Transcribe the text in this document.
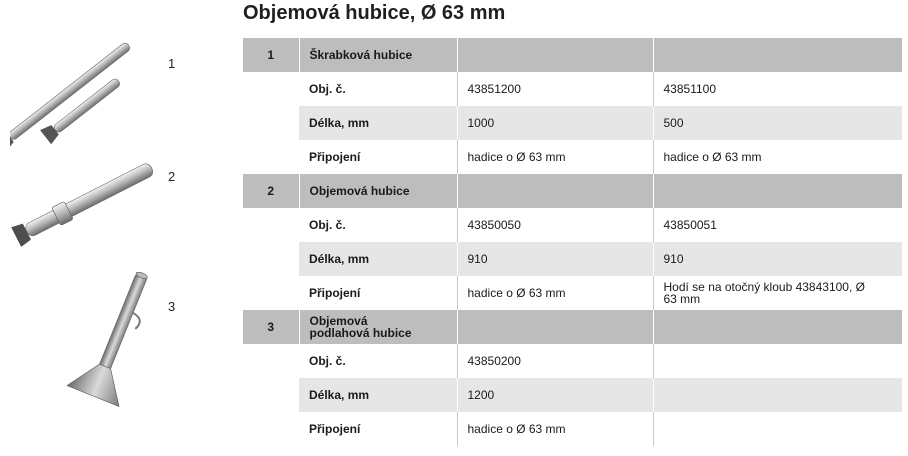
Objemová hubice, Ø 63 mm
1
2
3
1	Škrabková hubice		
	Obj. č.	43851200	43851100
	Délka, mm	1000	500
	Připojení	hadice o Ø 63 mm	hadice o Ø 63 mm
2	Objemová hubice		
	Obj. č.	43850050	43850051
	Délka, mm	910	910
	Připojení	hadice o Ø 63 mm	Hodí se na otočný kloub 43843100, Ø 63 mm
3	Objemová podlahová hubice		
	Obj. č.	43850200	
	Délka, mm	1200	
	Připojení	hadice o Ø 63 mm	
